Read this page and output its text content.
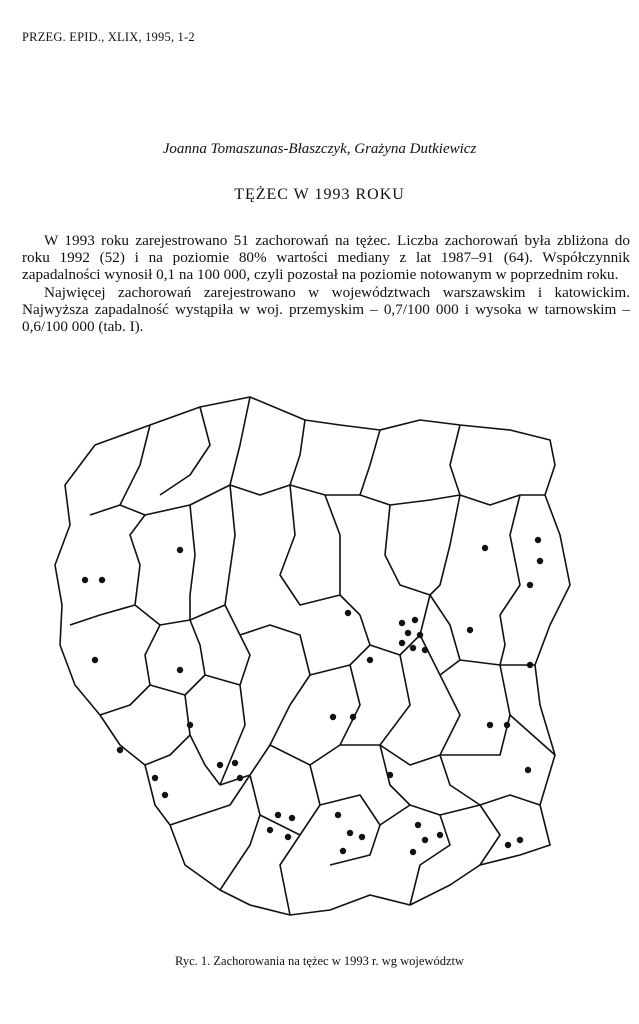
PRZEG. EPID., XLIX, 1995, 1-2
Joanna Tomaszunas-Błaszczyk, Grażyna Dutkiewicz
TĘŻEC W 1993 ROKU

W 1993 roku zarejestrowano 51 zachorowań na tężec. Liczba zachorowań była zbliżona do roku 1992 (52) i na poziomie 80% wartości mediany z lat 1987–91 (64). Współczynnik zapadalności wynosił 0,1 na 100 000, czyli pozostał na poziomie notowanym w poprzednim roku.

Najwięcej zachorowań zarejestrowano w województwach warszawskim i katowickim. Najwyższa zapadalność wystąpiła w woj. przemyskim – 0,7/100 000 i wysoka w tarnowskim – 0,6/100 000 (tab. I).

Ryc. 1. Zachorowania na tężec w 1993 r. wg województw
